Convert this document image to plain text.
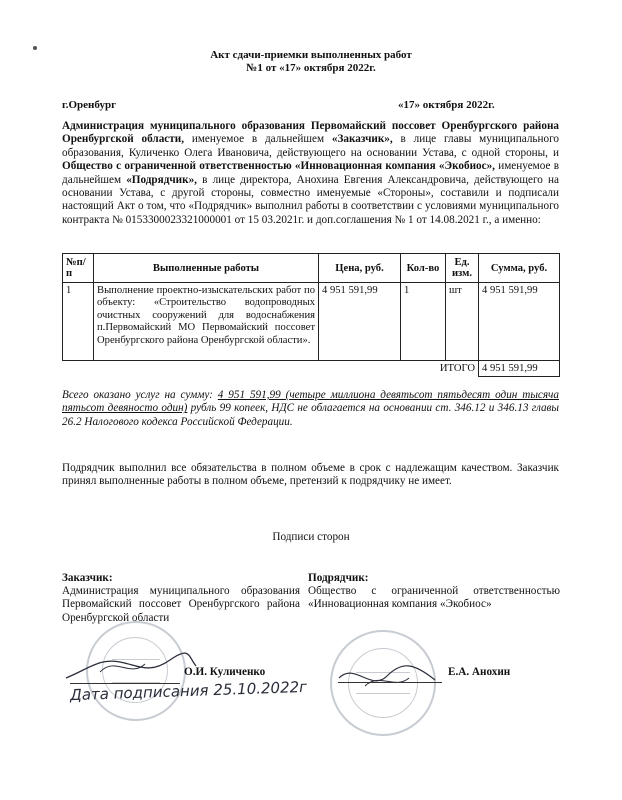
Акт сдачи-приемки выполненных работ
№1 от «17» октября 2022г.
г.Оренбург	«17» октября 2022г.
Администрация муниципального образования Первомайский поссовет Оренбургского района Оренбургской области, именуемое в дальнейшем «Заказчик», в лице главы муниципального образования, Куличенко Олега Ивановича, действующего на основании Устава, с одной стороны, и Общество с ограниченной ответственностью «Инновационная компания «Экобиос», именуемое в дальнейшем «Подрядчик», в лице директора, Анохина Евгения Александровича, действующего на основании Устава, с другой стороны, совместно именуемые «Стороны», составили и подписали настоящий Акт о том, что «Подрядчик» выполнил работы в соответствии с условиями муниципального контракта № 0153300023321000001 от 15 03.2021г. и доп.соглашения № 1 от 14.08.2021 г., а именно:
№п/п	Выполненные работы	Цена, руб.	Кол-во	Ед. изм.	Сумма, руб.
1	Выполнение проектно-изыскательских работ по объекту: «Строительство водопроводных очистных сооружений для водоснабжения п.Первомайский МО Первомайский поссовет Оренбургского района Оренбургской области».	4 951 591,99	1	шт	4 951 591,99
ИТОГО					4 951 591,99
Всего оказано услуг на сумму: 4 951 591,99 (четыре миллиона девятьсот пятьдесят один тысяча пятьсот девяносто один) рубль 99 копеек, НДС не облагается на основании ст. 346.12 и 346.13 главы 26.2 Налогового кодекса Российской Федерации.
Подрядчик выполнил все обязательства в полном объеме в срок с надлежащим качеством. Заказчик принял выполненные работы в полном объеме, претензий к подрядчику не имеет.
Подписи сторон
Заказчик:
Администрация муниципального образования Первомайский поссовет Оренбургского района Оренбургской области
Подрядчик:
Общество с ограниченной ответственностью «Инновационная компания «Экобиос»
О.И. Куличенко
Дата подписания 25.10.2022г
Е.А. Анохин
